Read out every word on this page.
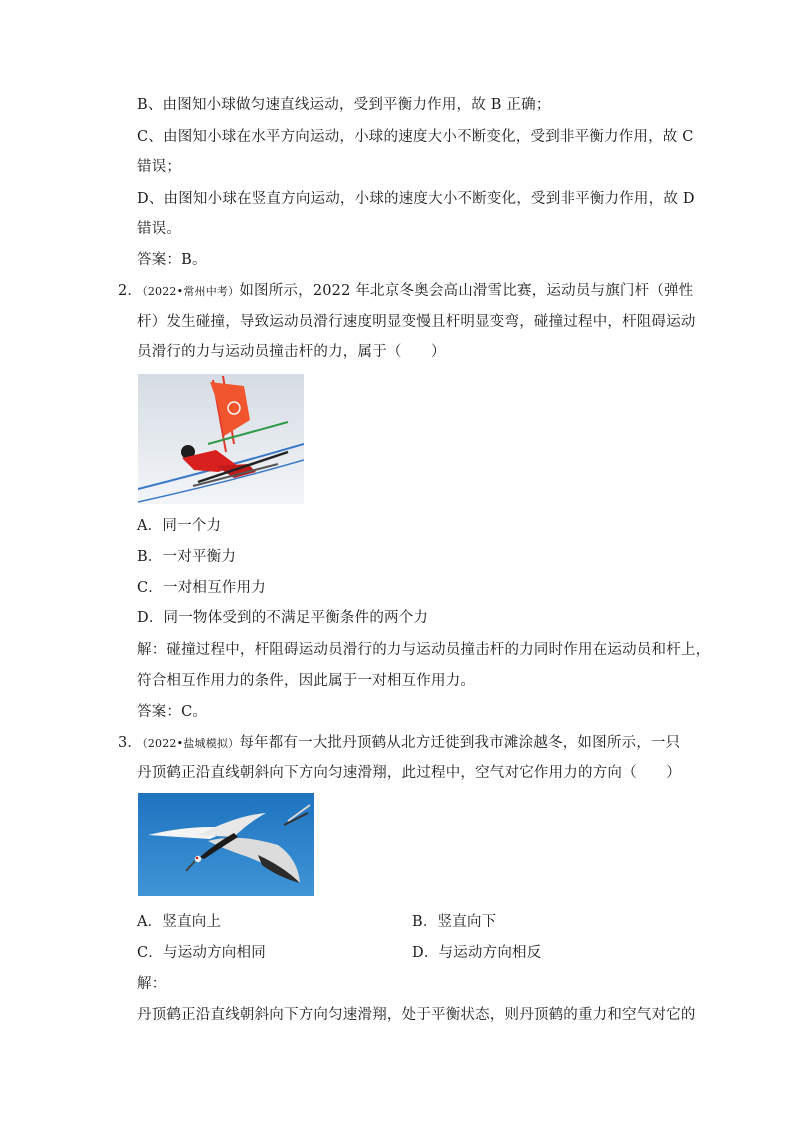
B、由图知小球做匀速直线运动，受到平衡力作用，故 B 正确；
C、由图知小球在水平方向运动，小球的速度大小不断变化，受到非平衡力作用，故 C
错误；
D、由图知小球在竖直方向运动，小球的速度大小不断变化，受到非平衡力作用，故 D
错误。
答案：B。
2．（2022•常州中考）如图所示，2022 年北京冬奥会高山滑雪比赛，运动员与旗门杆（弹性
杆）发生碰撞，导致运动员滑行速度明显变慢且杆明显变弯，碰撞过程中，杆阻碍运动
员滑行的力与运动员撞击杆的力，属于（　　）
A．同一个力
B．一对平衡力
C．一对相互作用力
D．同一物体受到的不满足平衡条件的两个力
解：碰撞过程中，杆阻碍运动员滑行的力与运动员撞击杆的力同时作用在运动员和杆上，
符合相互作用力的条件，因此属于一对相互作用力。
答案：C。
3．（2022•盐城模拟）每年都有一大批丹顶鹤从北方迁徙到我市滩涂越冬，如图所示，一只
丹顶鹤正沿直线朝斜向下方向匀速滑翔，此过程中，空气对它作用力的方向（　　）
A．竖直向上	B．竖直向下
C．与运动方向相同	D．与运动方向相反
解：
丹顶鹤正沿直线朝斜向下方向匀速滑翔，处于平衡状态，则丹顶鹤的重力和空气对它的
